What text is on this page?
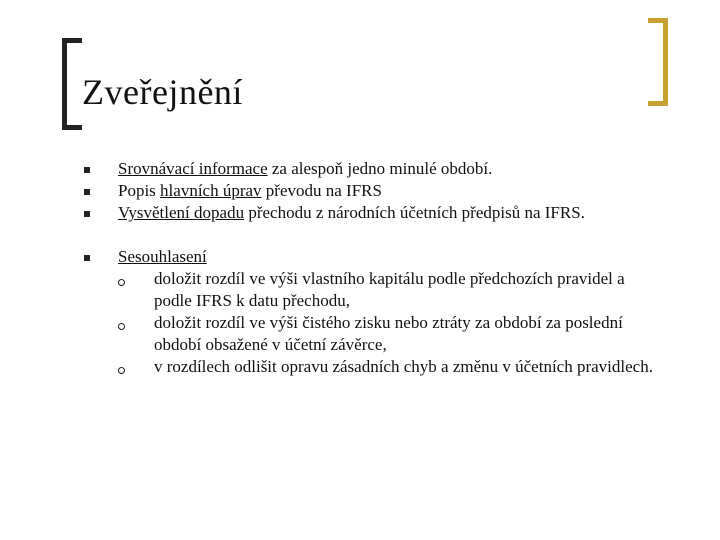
Zveřejnění
Srovnávací informace za alespoň jedno minulé období.
Popis hlavních úprav převodu na IFRS
Vysvětlení dopadu přechodu z národních účetních předpisů na IFRS.
Sesouhlasení
doložit rozdíl ve výši vlastního kapitálu podle předchozích pravidel a podle IFRS k datu přechodu,
doložit rozdíl ve výši čistého zisku nebo ztráty za období za poslední období obsažené v účetní závěrce,
v rozdílech odlišit opravu zásadních chyb a změnu v účetních pravidlech.
